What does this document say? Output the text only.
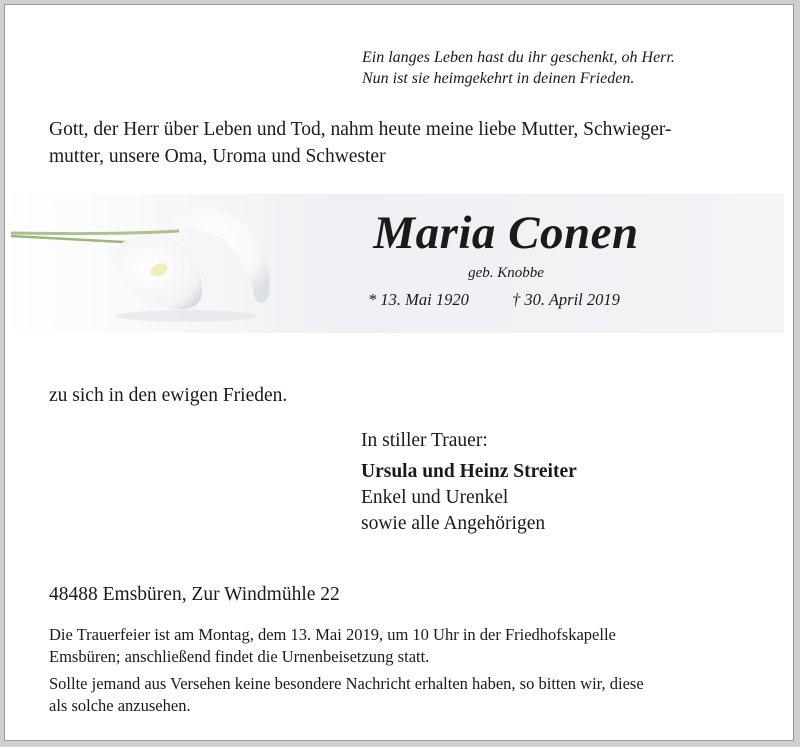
Ein langes Leben hast du ihr geschenkt, oh Herr.
Nun ist sie heimgekehrt in deinen Frieden.
Gott, der Herr über Leben und Tod, nahm heute meine liebe Mutter, Schwieger-
mutter, unsere Oma, Uroma und Schwester
Maria Conen
geb. Knobbe
* 13. Mai 1920	† 30. April 2019
zu sich in den ewigen Frieden.
In stiller Trauer:
Ursula und Heinz Streiter
Enkel und Urenkel
sowie alle Angehörigen
48488 Emsbüren, Zur Windmühle 22
Die Trauerfeier ist am Montag, dem 13. Mai 2019, um 10 Uhr in der Friedhofskapelle
Emsbüren; anschließend findet die Urnenbeisetzung statt.
Sollte jemand aus Versehen keine besondere Nachricht erhalten haben, so bitten wir, diese
als solche anzusehen.
